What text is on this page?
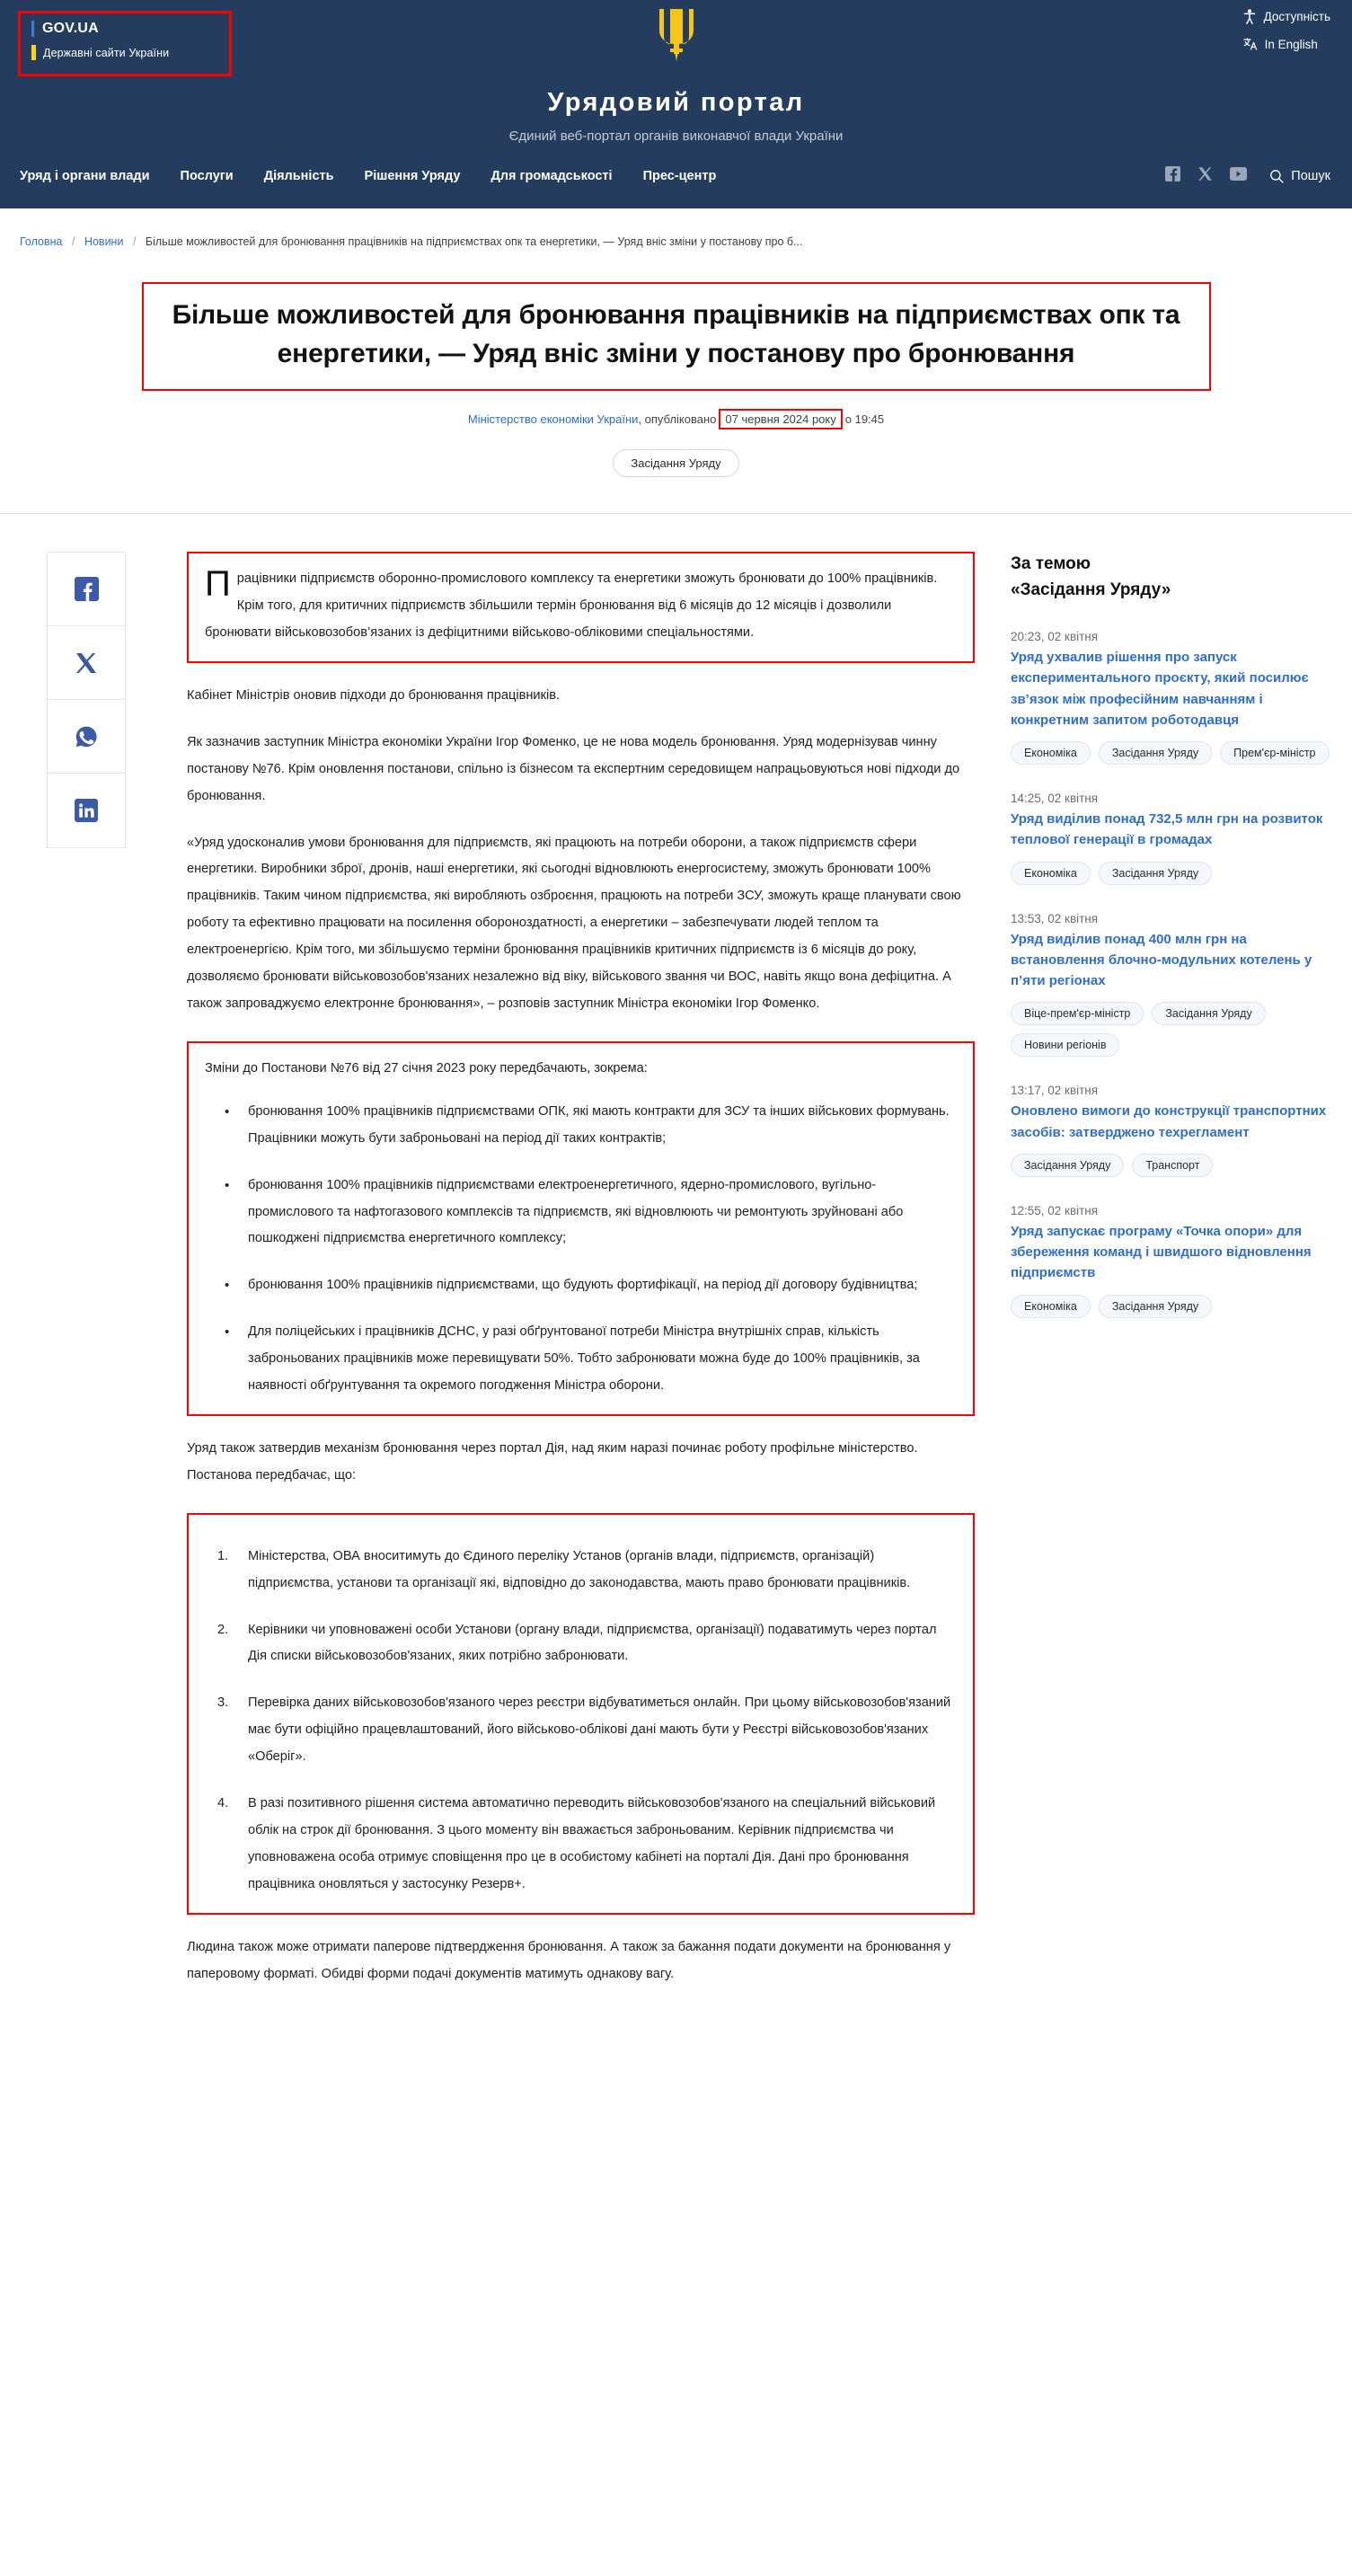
GOV.UA
Державні сайти України
Доступність
In English
Урядовий портал
Єдиний веб-портал органів виконавчої влади України
Уряд і органи влади Послуги Діяльність Рішення Уряду Для громадськості Прес-центр	Пошук
Головна / Новини / Більше можливостей для бронювання працівників на підприємствах опк та енергетики, — Уряд вніс зміни у постанову про б...
Більше можливостей для бронювання працівників на підприємствах опк та енергетики, — Уряд вніс зміни у постанову про бронювання
Міністерство економіки України , опубліковано 07 червня 2024 року о 19:45
Засідання Уряду

Працівники підприємств оборонно-промислового комплексу та енергетики зможуть бронювати до 100% працівників. Крім того, для критичних підприємств збільшили термін бронювання від 6 місяців до 12 місяців і дозволили бронювати військовозобов’язаних із дефіцитними військово-обліковими спеціальностями.

Кабінет Міністрів оновив підходи до бронювання працівників.

Як зазначив заступник Міністра економіки України Ігор Фоменко, це не нова модель бронювання. Уряд модернізував чинну постанову №76. Крім оновлення постанови, спільно із бізнесом та експертним середовищем напрацьовуються нові підходи до бронювання.

«Уряд удосконалив умови бронювання для підприємств, які працюють на потреби оборони, а також підприємств сфери енергетики. Виробники зброї, дронів, наші енергетики, які сьогодні відновлюють енергосистему, зможуть бронювати 100% працівників. Таким чином підприємства, які виробляють озброєння, працюють на потреби ЗСУ, зможуть краще планувати свою роботу та ефективно працювати на посилення обороноздатності, а енергетики – забезпечувати людей теплом та електроенергією. Крім того, ми збільшуємо терміни бронювання працівників критичних підприємств із 6 місяців до року, дозволяємо бронювати військовозобов'язаних незалежно від віку, військового звання чи ВОС, навіть якщо вона дефіцитна. А також запроваджуємо електронне бронювання», – розповів заступник Міністра економіки Ігор Фоменко.

Зміни до Постанови №76 від 27 січня 2023 року передбачають, зокрема:

• бронювання 100% працівників підприємствами ОПК, які мають контракти для ЗСУ та інших військових формувань. Працівники можуть бути заброньовані на період дії таких контрактів;
• бронювання 100% працівників підприємствами електроенергетичного, ядерно-промислового, вугільно-промислового та нафтогазового комплексів та підприємств, які відновлюють чи ремонтують зруйновані або пошкоджені підприємства енергетичного комплексу;
• бронювання 100% працівників підприємствами, що будують фортифікації, на період дії договору будівництва;
• Для поліцейських і працівників ДСНС, у разі обґрунтованої потреби Міністра внутрішніх справ, кількість заброньованих працівників може перевищувати 50%. Тобто забронювати можна буде до 100% працівників, за наявності обґрунтування та окремого погодження Міністра оборони.

Уряд також затвердив механізм бронювання через портал Дія, над яким наразі починає роботу профільне міністерство. Постанова передбачає, що:

Міністерства, ОВА вноситимуть до Єдиного переліку Установ (органів влади, підприємств, організацій) підприємства, установи та організації які, відповідно до законодавства, мають право бронювати працівників.
Керівники чи уповноважені особи Установи (органу влади, підприємства, організації) подаватимуть через портал Дія списки військовозобов'язаних, яких потрібно забронювати.
Перевірка даних військовозобов'язаного через реєстри відбуватиметься онлайн. При цьому військовозобов'язаний має бути офіційно працевлаштований, його військово-облікові дані мають бути у Реєстрі військовозобов'язаних «Оберіг».
В разі позитивного рішення система автоматично переводить військовозобов'язаного на спеціальний військовий облік на строк дії бронювання. З цього моменту він вважається заброньованим. Керівник підприємства чи уповноважена особа отримує сповіщення про це в особистому кабінеті на порталі Дія. Дані про бронювання працівника оновляться у застосунку Резерв+.

Людина також може отримати паперове підтвердження бронювання. А також за бажання подати документи на бронювання у паперовому форматі. Обидві форми подачі документів матимуть однакову вагу.

За темою
«Засідання Уряду»
20:23, 02 квітня
Уряд ухвалив рішення про запуск експериментального проєкту, який посилює зв’язок між професійним навчанням і конкретним запитом роботодавця
Економіка	Засідання Уряду	Прем'єр-міністр
14:25, 02 квітня
Уряд виділив понад 732,5 млн грн на розвиток теплової генерації в громадах
Економіка	Засідання Уряду
13:53, 02 квітня
Уряд виділив понад 400 млн грн на встановлення блочно-модульних котелень у п’яти регіонах
Віце-прем'єр-міністр	Засідання Уряду
Новини регіонів
13:17, 02 квітня
Оновлено вимоги до конструкції транспортних засобів: затверджено техрегламент
Засідання Уряду	Транспорт
12:55, 02 квітня
Уряд запускає програму «Точка опори» для збереження команд і швидшого відновлення підприємств
Економіка	Засідання Уряду
